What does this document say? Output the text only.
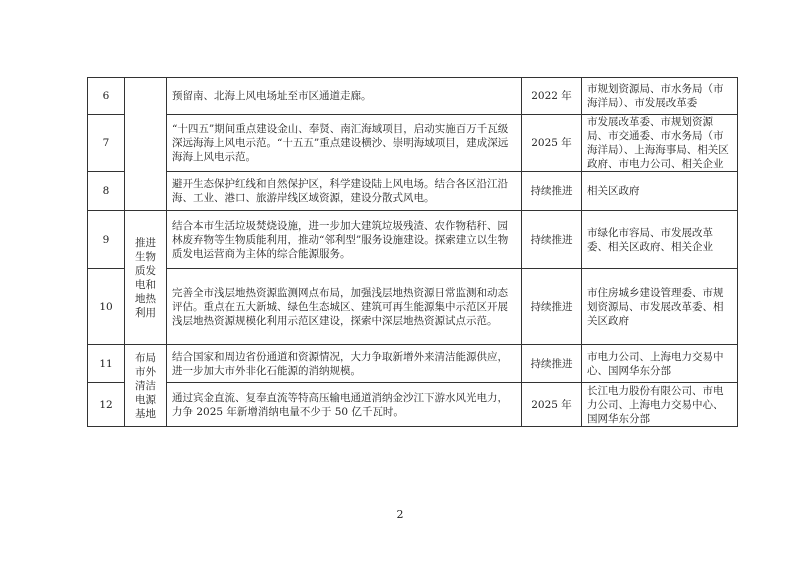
6		预留南、北海上风电场址至市区通道走廊。	2022 年	市规划资源局、市水务局（市海洋局）、市发展改革委
7		“十四五”期间重点建设金山、奉贤、南汇海域项目，启动实施百万千瓦级深远海海上风电示范。“十五五”重点建设横沙、崇明海域项目，建成深远海海上风电示范。	2025 年	市发展改革委、市规划资源局、市交通委、市水务局（市海洋局）、上海海事局、相关区政府、市电力公司、相关企业
8		避开生态保护红线和自然保护区，科学建设陆上风电场。结合各区沿江沿海、工业、港口、旅游岸线区域资源，建设分散式风电。	持续推进	相关区政府
9	推进生物质发电和地热利用	结合本市生活垃圾焚烧设施，进一步加大建筑垃圾残渣、农作物秸秆、园林废弃物等生物质能利用，推动“邻利型”服务设施建设。探索建立以生物质发电运营商为主体的综合能源服务。	持续推进	市绿化市容局、市发展改革委、相关区政府、相关企业
10		完善全市浅层地热资源监测网点布局，加强浅层地热资源日常监测和动态评估。重点在五大新城、绿色生态城区、建筑可再生能源集中示范区开展浅层地热资源规模化利用示范区建设，探索中深层地热资源试点示范。	持续推进	市住房城乡建设管理委、市规划资源局、市发展改革委、相关区政府
11	布局市外清洁电源基地	结合国家和周边省份通道和资源情况，大力争取新增外来清洁能源供应，进一步加大市外非化石能源的消纳规模。	持续推进	市电力公司、上海电力交易中心、国网华东分部
12		通过宾金直流、复奉直流等特高压输电通道消纳金沙江下游水风光电力，力争 2025 年新增消纳电量不少于 50 亿千瓦时。	2025 年	长江电力股份有限公司、市电力公司、上海电力交易中心、国网华东分部
2
